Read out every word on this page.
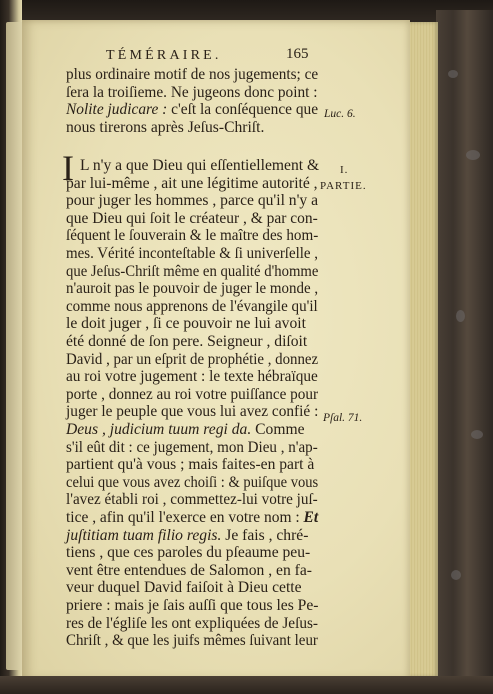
TÉMÉRAIRE.	165
I
Luc. 6.
I.
PARTIE.
Pſal. 71.
plus ordinaire motif de nos jugements; ce
ſera la troiſieme. Ne jugeons donc point :
Nolite judicare : c'eſt la conſéquence que
nous tirerons après Jeſus-Chriſt.
L n'y a que Dieu qui eſſentiellement &
par lui-même , ait une légitime autorité ,
pour juger les hommes , parce qu'il n'y a
que Dieu qui ſoit le créateur , & par con-
ſéquent le ſouverain & le maître des hom-
mes. Vérité inconteſtable & ſi univerſelle ,
que Jeſus-Chriſt même en qualité d'homme
n'auroit pas le pouvoir de juger le monde ,
comme nous apprenons de l'évangile qu'il
le doit juger , ſi ce pouvoir ne lui avoit
été donné de ſon pere. Seigneur , diſoit
David , par un eſprit de prophétie , donnez
au roi votre jugement : le texte hébraïque
porte , donnez au roi votre puiſſance pour
juger le peuple que vous lui avez confié :
Deus , judicium tuum regi da. Comme
s'il eût dit : ce jugement, mon Dieu , n'ap-
partient qu'à vous ; mais faites-en part à
celui que vous avez choiſi : & puiſque vous
l'avez établi roi , commettez-lui votre juſ-
tice , afin qu'il l'exerce en votre nom : Et
juſtitiam tuam filio regis. Je fais , chré-
tiens , que ces paroles du pſeaume peu-
vent être entendues de Salomon , en fa-
veur duquel David faiſoit à Dieu cette
priere : mais je ſais auſſi que tous les Pe-
res de l'égliſe les ont expliquées de Jeſus-
Chriſt , & que les juifs mêmes ſuivant leur
